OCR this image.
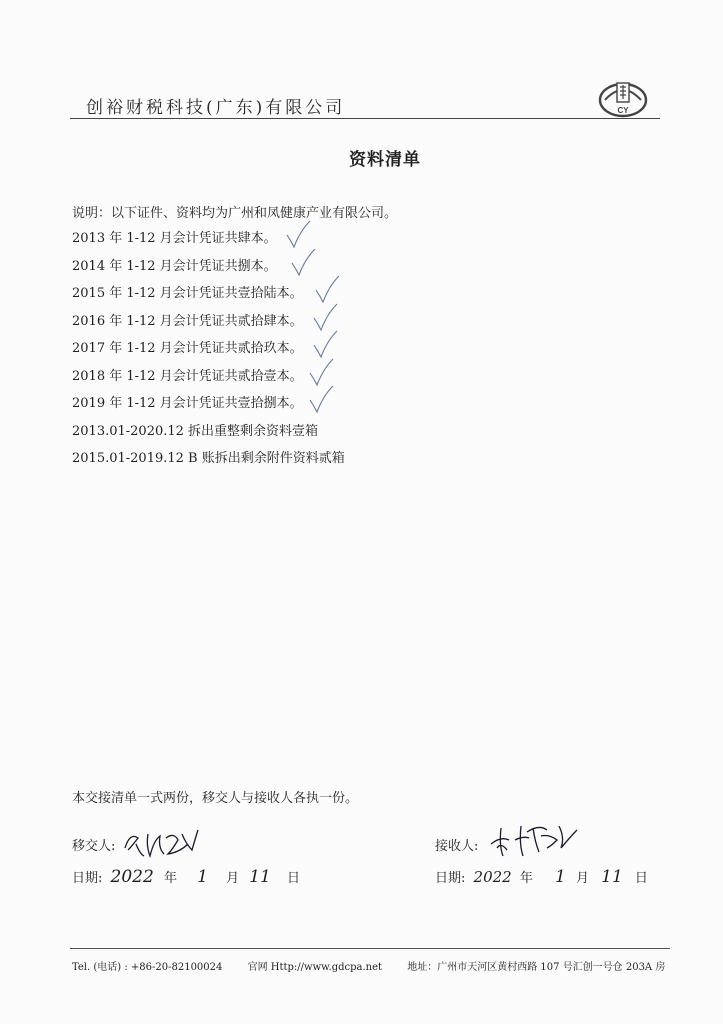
创裕财税科技(广东)有限公司	CY
资料清单
说明：以下证件、资料均为广州和凤健康产业有限公司。
2013 年 1-12 月会计凭证共肆本。
2014 年 1-12 月会计凭证共捌本。
2015 年 1-12 月会计凭证共壹拾陆本。
2016 年 1-12 月会计凭证共贰拾肆本。
2017 年 1-12 月会计凭证共贰拾玖本。
2018 年 1-12 月会计凭证共贰拾壹本。
2019 年 1-12 月会计凭证共壹拾捌本。
2013.01-2020.12 拆出重整剩余资料壹箱
2015.01-2019.12 B 账拆出剩余附件资料贰箱
本交接清单一式两份，移交人与接收人各执一份。
移交人:
日期: 2022 年 1 月 11 日
接收人:
日期: 2022 年 1 月 11 日
Tel. (电话) : +86-20-82100024	官网 Http://www.gdcpa.net	地址：广州市天河区黄村西路 107 号汇创一号仓 203A 房
